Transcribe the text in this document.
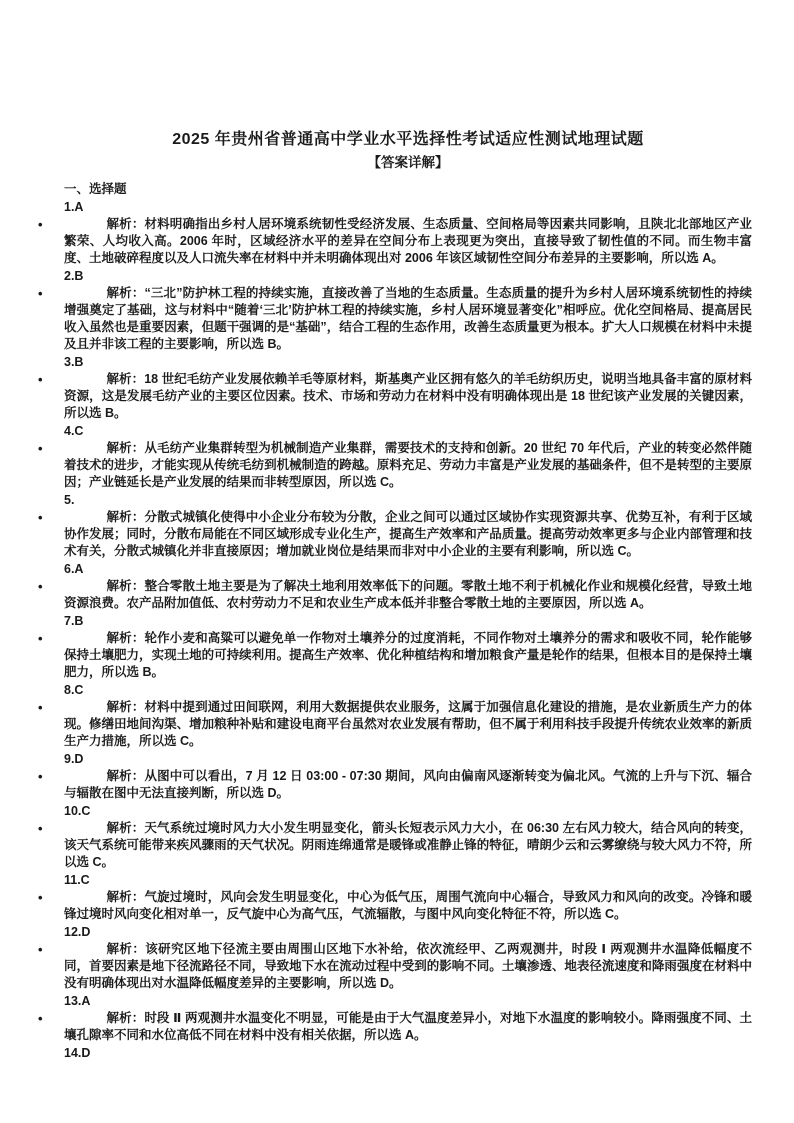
2025 年贵州省普通高中学业水平选择性考试适应性测试地理试题
【答案详解】
一、选择题
1.A
•	解析：材料明确指出乡村人居环境系统韧性受经济发展、生态质量、空间格局等因素共同影响，且陕北北部地区产业繁荣、人均收入高。2006 年时，区域经济水平的差异在空间分布上表现更为突出，直接导致了韧性值的不同。而生物丰富度、土地破碎程度以及人口流失率在材料中并未明确体现出对 2006 年该区域韧性空间分布差异的主要影响，所以选 A。
2.B
•	解析：“三北”防护林工程的持续实施，直接改善了当地的生态质量。生态质量的提升为乡村人居环境系统韧性的持续增强奠定了基础，这与材料中“随着‘三北’防护林工程的持续实施，乡村人居环境显著变化”相呼应。优化空间格局、提高居民收入虽然也是重要因素，但题干强调的是“基础”，结合工程的生态作用，改善生态质量更为根本。扩大人口规模在材料中未提及且并非该工程的主要影响，所以选 B。
3.B
•	解析：18 世纪毛纺产业发展依赖羊毛等原材料，斯基奥产业区拥有悠久的羊毛纺织历史，说明当地具备丰富的原材料资源，这是发展毛纺产业的主要区位因素。技术、市场和劳动力在材料中没有明确体现出是 18 世纪该产业发展的关键因素，所以选 B。
4.C
•	解析：从毛纺产业集群转型为机械制造产业集群，需要技术的支持和创新。20 世纪 70 年代后，产业的转变必然伴随着技术的进步，才能实现从传统毛纺到机械制造的跨越。原料充足、劳动力丰富是产业发展的基础条件，但不是转型的主要原因；产业链延长是产业发展的结果而非转型原因，所以选 C。
5.
•	解析：分散式城镇化使得中小企业分布较为分散，企业之间可以通过区域协作实现资源共享、优势互补，有利于区域协作发展；同时，分散布局能在不同区域形成专业化生产，提高生产效率和产品质量。提高劳动效率更多与企业内部管理和技术有关，分散式城镇化并非直接原因；增加就业岗位是结果而非对中小企业的主要有利影响，所以选 C。
6.A
•	解析：整合零散土地主要是为了解决土地利用效率低下的问题。零散土地不利于机械化作业和规模化经营，导致土地资源浪费。农产品附加值低、农村劳动力不足和农业生产成本低并非整合零散土地的主要原因，所以选 A。
7.B
•	解析：轮作小麦和高粱可以避免单一作物对土壤养分的过度消耗，不同作物对土壤养分的需求和吸收不同，轮作能够保持土壤肥力，实现土地的可持续利用。提高生产效率、优化种植结构和增加粮食产量是轮作的结果，但根本目的是保持土壤肥力，所以选 B。
8.C
•	解析：材料中提到通过田间联网，利用大数据提供农业服务，这属于加强信息化建设的措施，是农业新质生产力的体现。修缮田地间沟渠、增加粮种补贴和建设电商平台虽然对农业发展有帮助，但不属于利用科技手段提升传统农业效率的新质生产力措施，所以选 C。
9.D
•	解析：从图中可以看出，7 月 12 日 03:00 - 07:30 期间，风向由偏南风逐渐转变为偏北风。气流的上升与下沉、辐合与辐散在图中无法直接判断，所以选 D。
10.C
•	解析：天气系统过境时风力大小发生明显变化，箭头长短表示风力大小，在 06:30 左右风力较大，结合风向的转变，该天气系统可能带来疾风骤雨的天气状况。阴雨连绵通常是暖锋或准静止锋的特征，晴朗少云和云雾缭绕与较大风力不符，所以选 C。
11.C
•	解析：气旋过境时，风向会发生明显变化，中心为低气压，周围气流向中心辐合，导致风力和风向的改变。冷锋和暖锋过境时风向变化相对单一，反气旋中心为高气压，气流辐散，与图中风向变化特征不符，所以选 C。
12.D
•	解析：该研究区地下径流主要由周围山区地下水补给，依次流经甲、乙两观测井，时段 Ⅰ 两观测井水温降低幅度不同，首要因素是地下径流路径不同，导致地下水在流动过程中受到的影响不同。土壤渗透、地表径流速度和降雨强度在材料中没有明确体现出对水温降低幅度差异的主要影响，所以选 D。
13.A
•	解析：时段 Ⅱ 两观测井水温变化不明显，可能是由于大气温度差异小，对地下水温度的影响较小。降雨强度不同、土壤孔隙率不同和水位高低不同在材料中没有相关依据，所以选 A。
14.D
